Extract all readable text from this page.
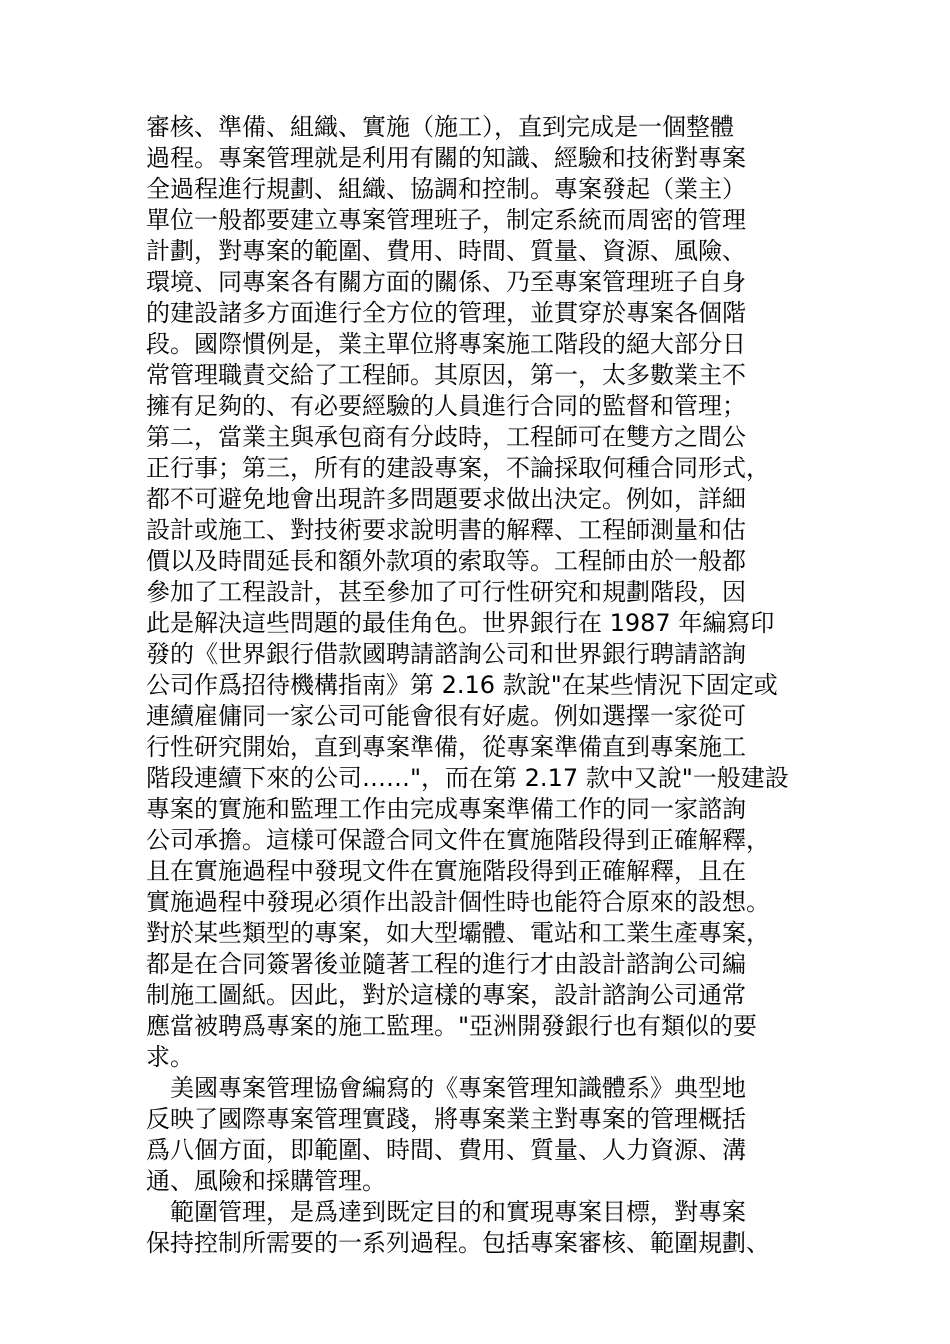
審核、準備、組織、實施（施工），直到完成是一個整體
過程。專案管理就是利用有關的知識、經驗和技術對專案
全過程進行規劃、組織、協調和控制。專案發起（業主）
單位一般都要建立專案管理班子，制定系統而周密的管理
計劃，對專案的範圍、費用、時間、質量、資源、風險、
環境、同專案各有關方面的關係、乃至專案管理班子自身
的建設諸多方面進行全方位的管理，並貫穿於專案各個階
段。國際慣例是，業主單位將專案施工階段的絕大部分日
常管理職責交給了工程師。其原因，第一，太多數業主不
擁有足夠的、有必要經驗的人員進行合同的監督和管理；
第二，當業主與承包商有分歧時，工程師可在雙方之間公
正行事；第三，所有的建設專案，不論採取何種合同形式，
都不可避免地會出現許多問題要求做出決定。例如，詳細
設計或施工、對技術要求說明書的解釋、工程師測量和估
價以及時間延長和額外款項的索取等。工程師由於一般都
參加了工程設計，甚至參加了可行性研究和規劃階段，因
此是解決這些問題的最佳角色。世界銀行在 1987 年編寫印
發的《世界銀行借款國聘請諮詢公司和世界銀行聘請諮詢
公司作爲招待機構指南》第 2.16 款說"在某些情況下固定或
連續雇傭同一家公司可能會很有好處。例如選擇一家從可
行性研究開始，直到專案準備，從專案準備直到專案施工
階段連續下來的公司……"，而在第 2.17 款中又說"一般建設
專案的實施和監理工作由完成專案準備工作的同一家諮詢
公司承擔。這樣可保證合同文件在實施階段得到正確解釋，
且在實施過程中發現文件在實施階段得到正確解釋，且在
實施過程中發現必須作出設計個性時也能符合原來的設想。
對於某些類型的專案，如大型壩體、電站和工業生產專案，
都是在合同簽署後並隨著工程的進行才由設計諮詢公司編
制施工圖紙。因此，對於這樣的專案，設計諮詢公司通常
應當被聘爲專案的施工監理。"亞洲開發銀行也有類似的要
求。
美國專案管理協會編寫的《專案管理知識體系》典型地
反映了國際專案管理實踐，將專案業主對專案的管理概括
爲八個方面，即範圍、時間、費用、質量、人力資源、溝
通、風險和採購管理。
範圍管理，是爲達到既定目的和實現專案目標，對專案
保持控制所需要的一系列過程。包括專案審核、範圍規劃、
